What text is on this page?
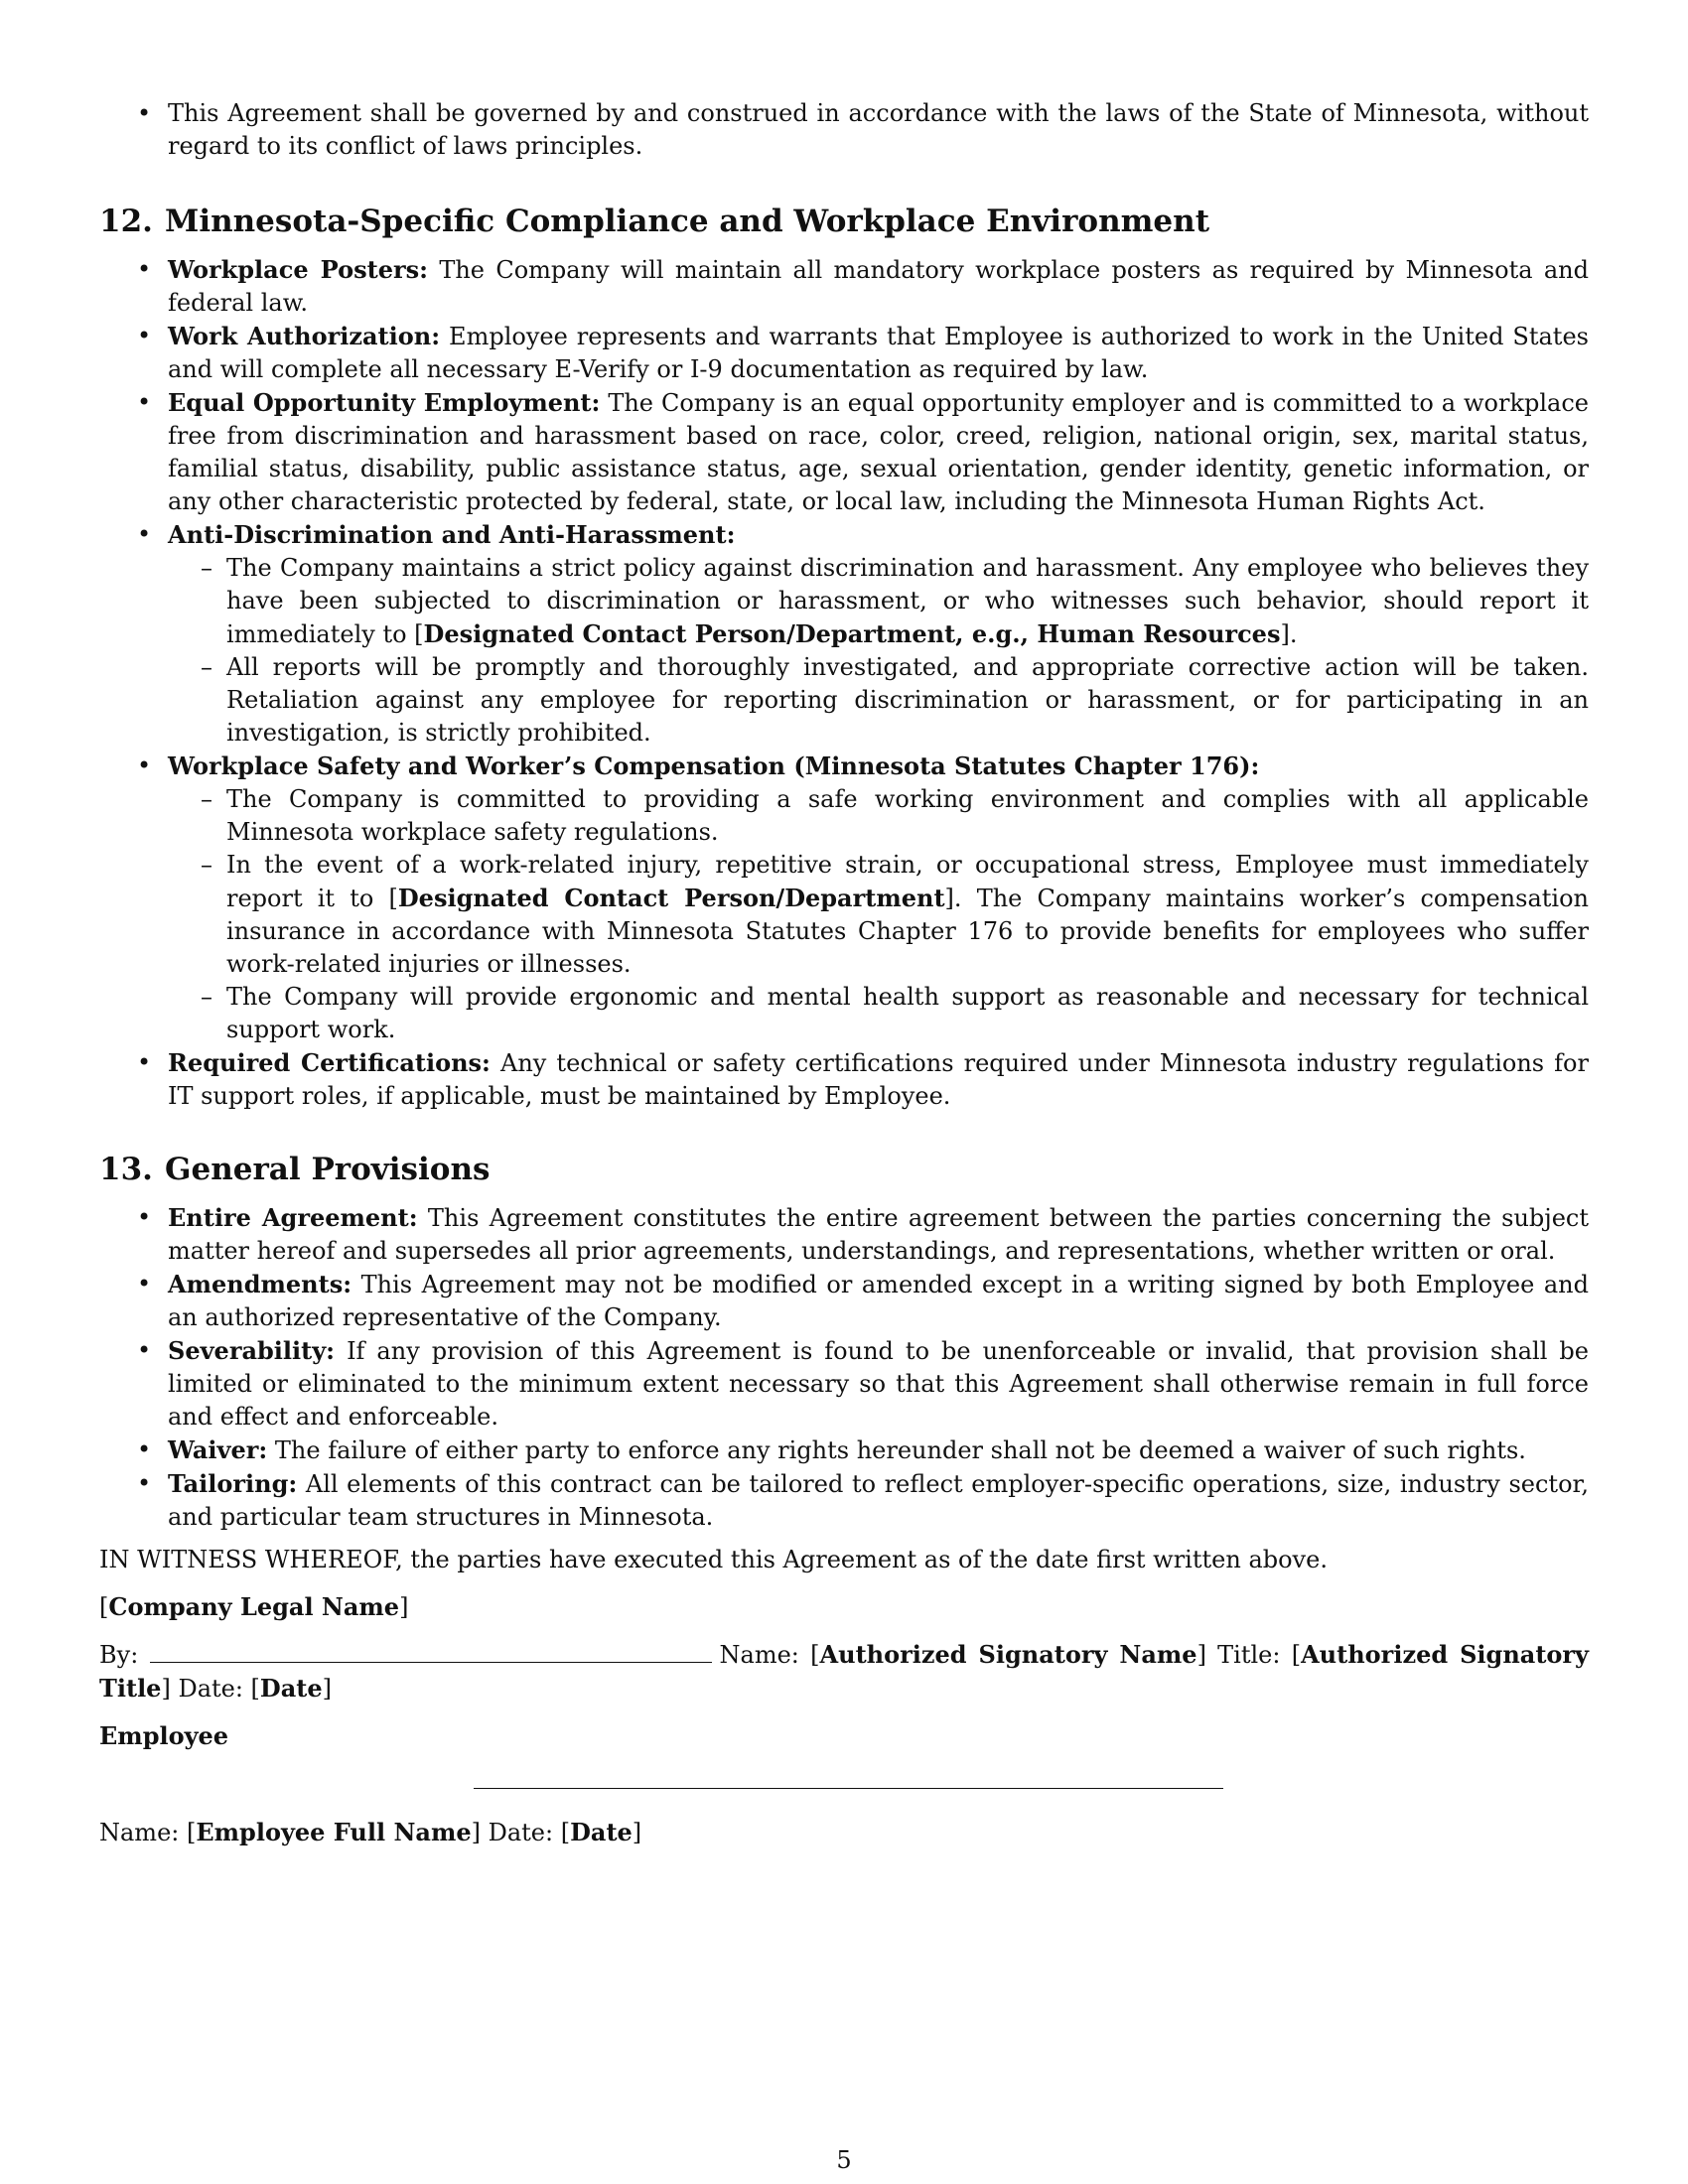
• This Agreement shall be governed by and construed in accordance with the laws of the State of Minnesota, without regard to its conflict of laws principles.
12. Minnesota-Specific Compliance and Workplace Environment
• Workplace Posters: The Company will maintain all mandatory workplace posters as required by Minnesota and federal law.
• Work Authorization: Employee represents and warrants that Employee is authorized to work in the United States and will complete all necessary E-Verify or I-9 documentation as required by law.
• Equal Opportunity Employment: The Company is an equal opportunity employer and is committed to a workplace free from discrimination and harassment based on race, color, creed, religion, national origin, sex, marital status, familial status, disability, public assistance status, age, sexual orientation, gender identity, genetic information, or any other characteristic protected by federal, state, or local law, including the Minnesota Human Rights Act.
• Anti-Discrimination and Anti-Harassment:
– The Company maintains a strict policy against discrimination and harassment. Any employee who believes they have been subjected to discrimination or harassment, or who witnesses such behavior, should report it immediately to [Designated Contact Person/Department, e.g., Human Resources].
– All reports will be promptly and thoroughly investigated, and appropriate corrective action will be taken. Retaliation against any employee for reporting discrimination or harassment, or for participating in an investigation, is strictly prohibited.
• Workplace Safety and Worker’s Compensation (Minnesota Statutes Chapter 176):
– The Company is committed to providing a safe working environment and complies with all applicable Minnesota workplace safety regulations.
– In the event of a work-related injury, repetitive strain, or occupational stress, Employee must immediately report it to [Designated Contact Person/Department]. The Company maintains worker’s compensation insurance in accordance with Minnesota Statutes Chapter 176 to provide benefits for employees who suffer work-related injuries or illnesses.
– The Company will provide ergonomic and mental health support as reasonable and necessary for technical support work.
• Required Certifications: Any technical or safety certifications required under Minnesota industry regulations for IT support roles, if applicable, must be maintained by Employee.
13. General Provisions
• Entire Agreement: This Agreement constitutes the entire agreement between the parties concerning the subject matter hereof and supersedes all prior agreements, understandings, and representations, whether written or oral.
• Amendments: This Agreement may not be modified or amended except in a writing signed by both Employee and an authorized representative of the Company.
• Severability: If any provision of this Agreement is found to be unenforceable or invalid, that provision shall be limited or eliminated to the minimum extent necessary so that this Agreement shall otherwise remain in full force and effect and enforceable.
• Waiver: The failure of either party to enforce any rights hereunder shall not be deemed a waiver of such rights.
• Tailoring: All elements of this contract can be tailored to reflect employer-specific operations, size, industry sector, and particular team structures in Minnesota.

IN WITNESS WHEREOF, the parties have executed this Agreement as of the date first written above.

[Company Legal Name]

By:	Name: [Authorized Signatory Name] Title: [Authorized Signatory Title] Date: [Date]

Employee

Name: [Employee Full Name] Date: [Date]

5
